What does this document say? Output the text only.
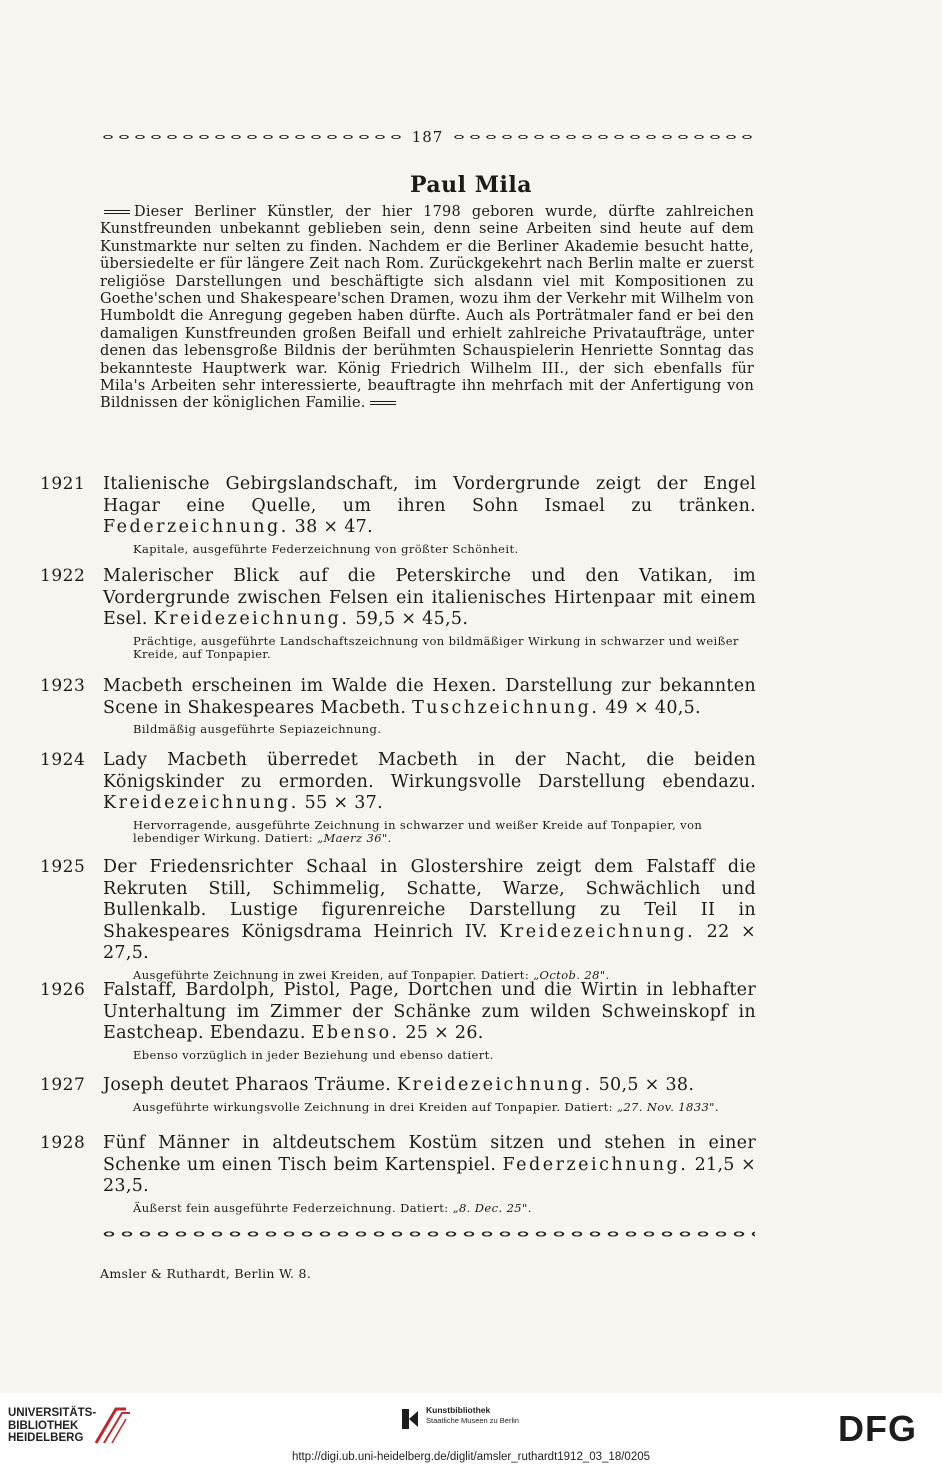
187
Paul Mila
Dieser Berliner Künstler, der hier 1798 geboren wurde, dürfte zahlreichen Kunstfreunden unbekannt geblieben sein, denn seine Arbeiten sind heute auf dem Kunstmarkte nur selten zu finden. Nachdem er die Berliner Akademie besucht hatte, übersiedelte er für längere Zeit nach Rom. Zurückgekehrt nach Berlin malte er zuerst religiöse Darstellungen und beschäftigte sich alsdann viel mit Kompositionen zu Goethe'schen und Shakespeare'schen Dramen, wozu ihm der Verkehr mit Wilhelm von Humboldt die Anregung gegeben haben dürfte. Auch als Porträtmaler fand er bei den damaligen Kunstfreunden großen Beifall und erhielt zahlreiche Privataufträge, unter denen das lebensgroße Bildnis der berühmten Schauspielerin Henriette Sonntag das bekannteste Hauptwerk war. König Friedrich Wilhelm III., der sich ebenfalls für Mila's Arbeiten sehr interessierte, beauftragte ihn mehrfach mit der Anfertigung von Bildnissen der königlichen Familie.
1921 Italienische Gebirgslandschaft, im Vordergrunde zeigt der Engel Hagar eine Quelle, um ihren Sohn Ismael zu tränken. Federzeichnung. 38 × 47.
Kapitale, ausgeführte Federzeichnung von größter Schönheit.
1922 Malerischer Blick auf die Peterskirche und den Vatikan, im Vordergrunde zwischen Felsen ein italienisches Hirtenpaar mit einem Esel. Kreidezeichnung. 59,5 × 45,5.
Prächtige, ausgeführte Landschaftszeichnung von bildmäßiger Wirkung in schwarzer und weißer Kreide, auf Tonpapier.
1923 Macbeth erscheinen im Walde die Hexen. Darstellung zur bekannten Scene in Shakespeares Macbeth. Tuschzeichnung. 49 × 40,5.
Bildmäßig ausgeführte Sepiazeichnung.
1924 Lady Macbeth überredet Macbeth in der Nacht, die beiden Königskinder zu ermorden. Wirkungsvolle Darstellung ebendazu. Kreidezeichnung. 55 × 37.
Hervorragende, ausgeführte Zeichnung in schwarzer und weißer Kreide auf Tonpapier, von lebendiger Wirkung. Datiert: „Maerz 36".
1925 Der Friedensrichter Schaal in Glostershire zeigt dem Falstaff die Rekruten Still, Schimmelig, Schatte, Warze, Schwächlich und Bullenkalb. Lustige figurenreiche Darstellung zu Teil II in Shakespeares Königsdrama Heinrich IV. Kreidezeichnung. 22 × 27,5.
Ausgeführte Zeichnung in zwei Kreiden, auf Tonpapier. Datiert: „Octob. 28".
1926 Falstaff, Bardolph, Pistol, Page, Dortchen und die Wirtin in lebhafter Unterhaltung im Zimmer der Schänke zum wilden Schweinskopf in Eastcheap. Ebendazu. Ebenso. 25 × 26.
Ebenso vorzüglich in jeder Beziehung und ebenso datiert.
1927 Joseph deutet Pharaos Träume. Kreidezeichnung. 50,5 × 38.
Ausgeführte wirkungsvolle Zeichnung in drei Kreiden auf Tonpapier. Datiert: „27. Nov. 1833".
1928 Fünf Männer in altdeutschem Kostüm sitzen und stehen in einer Schenke um einen Tisch beim Kartenspiel. Federzeichnung. 21,5 × 23,5.
Äußerst fein ausgeführte Federzeichnung. Datiert: „8. Dec. 25".
Amsler & Ruthardt, Berlin W. 8.
UNIVERSITÄTS-
BIBLIOTHEK
HEIDELBERG
Kunstbibliothek
Staatliche Museen zu Berlin	DFG
http://digi.ub.uni-heidelberg.de/diglit/amsler_ruthardt1912_03_18/0205
